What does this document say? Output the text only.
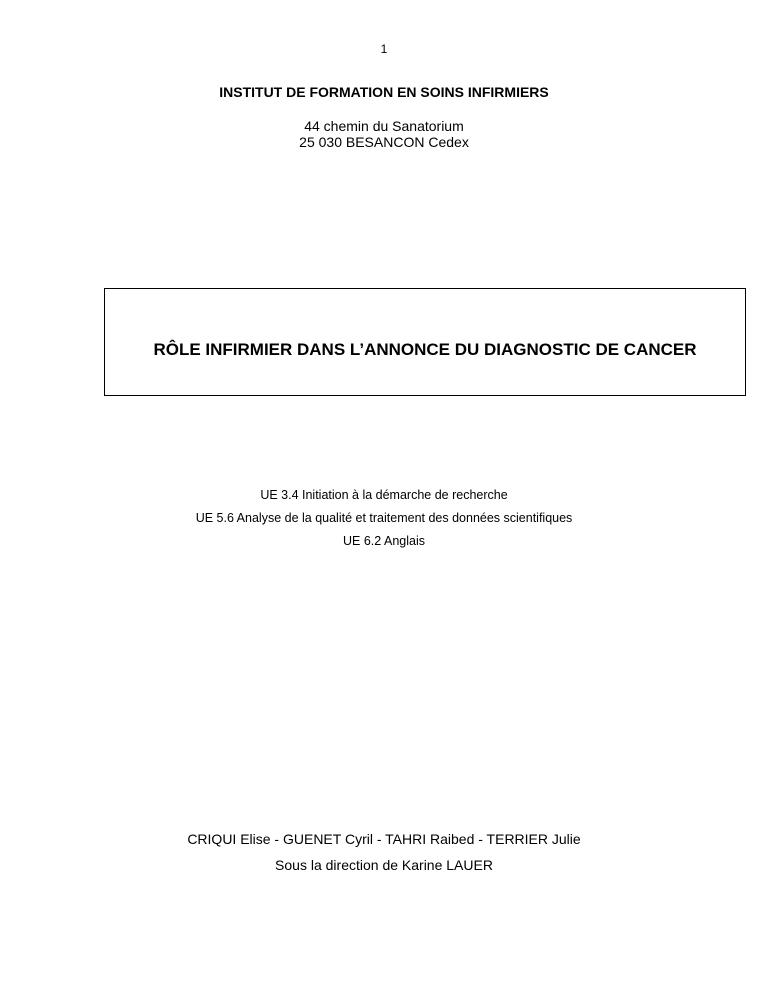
1
INSTITUT DE FORMATION EN SOINS INFIRMIERS
44 chemin du Sanatorium
25 030 BESANCON Cedex
RÔLE INFIRMIER DANS L’ANNONCE DU DIAGNOSTIC DE CANCER
UE 3.4 Initiation à la démarche de recherche
UE 5.6 Analyse de la qualité et traitement des données scientifiques
UE 6.2 Anglais
CRIQUI Elise - GUENET Cyril - TAHRI Raibed - TERRIER Julie
Sous la direction de Karine LAUER
